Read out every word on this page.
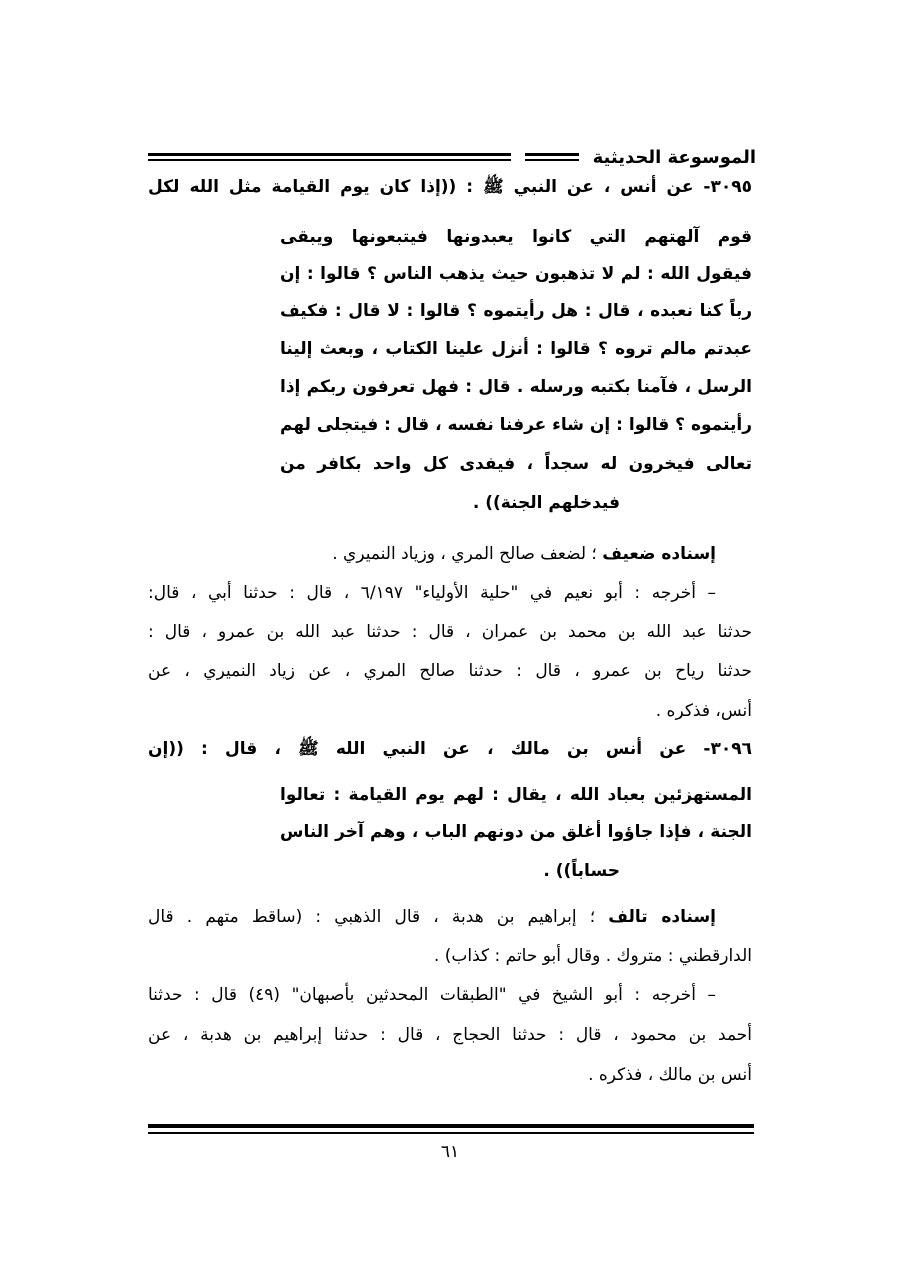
الموسوعة الحديثية
٣٠٩٥- عن أنس ، عن النبي ﷺ : ((إذا كان يوم القيامة مثل الله لكل
قوم آلهتهم التي كانوا يعبدونها فيتبعونها ويبقى
فيقول الله : لم لا تذهبون حيث يذهب الناس ؟ قالوا : إن
رباً كنا نعبده ، قال : هل رأيتموه ؟ قالوا : لا قال : فكيف
عبدتم مالم تروه ؟ قالوا : أنزل علينا الكتاب ، وبعث إلينا
الرسل ، فآمنا بكتبه ورسله . قال : فهل تعرفون ربكم إذا
رأيتموه ؟ قالوا : إن شاء عرفنا نفسه ، قال : فيتجلى لهم
تعالى فيخرون له سجداً ، فيفدى كل واحد بكافر من
فيدخلهم الجنة)) .
إسناده ضعيف ؛ لضعف صالح المري ، وزياد النميري .
– أخرجه : أبو نعيم في "حلية الأولياء" ٦/١٩٧ ، قال : حدثنا أبي ، قال:
حدثنا عبد الله بن محمد بن عمران ، قال : حدثنا عبد الله بن عمرو ، قال :
حدثنا رياح بن عمرو ، قال : حدثنا صالح المري ، عن زياد النميري ، عن
أنس، فذكره .
٣٠٩٦- عن أنس بن مالك ، عن النبي الله ﷺ ، قال : ((إن
المستهزئين بعباد الله ، يقال : لهم يوم القيامة : تعالوا
الجنة ، فإذا جاؤوا أغلق من دونهم الباب ، وهم آخر الناس
حساباً)) .
إسناده تالف ؛ إبراهيم بن هدبة ، قال الذهبي : (ساقط متهم . قال
الدارقطني : متروك . وقال أبو حاتم : كذاب) .
– أخرجه : أبو الشيخ في "الطبقات المحدثين بأصبهان" (٤٩) قال : حدثنا
أحمد بن محمود ، قال : حدثنا الحجاج ، قال : حدثنا إبراهيم بن هدبة ، عن
أنس بن مالك ، فذكره .
٦١
